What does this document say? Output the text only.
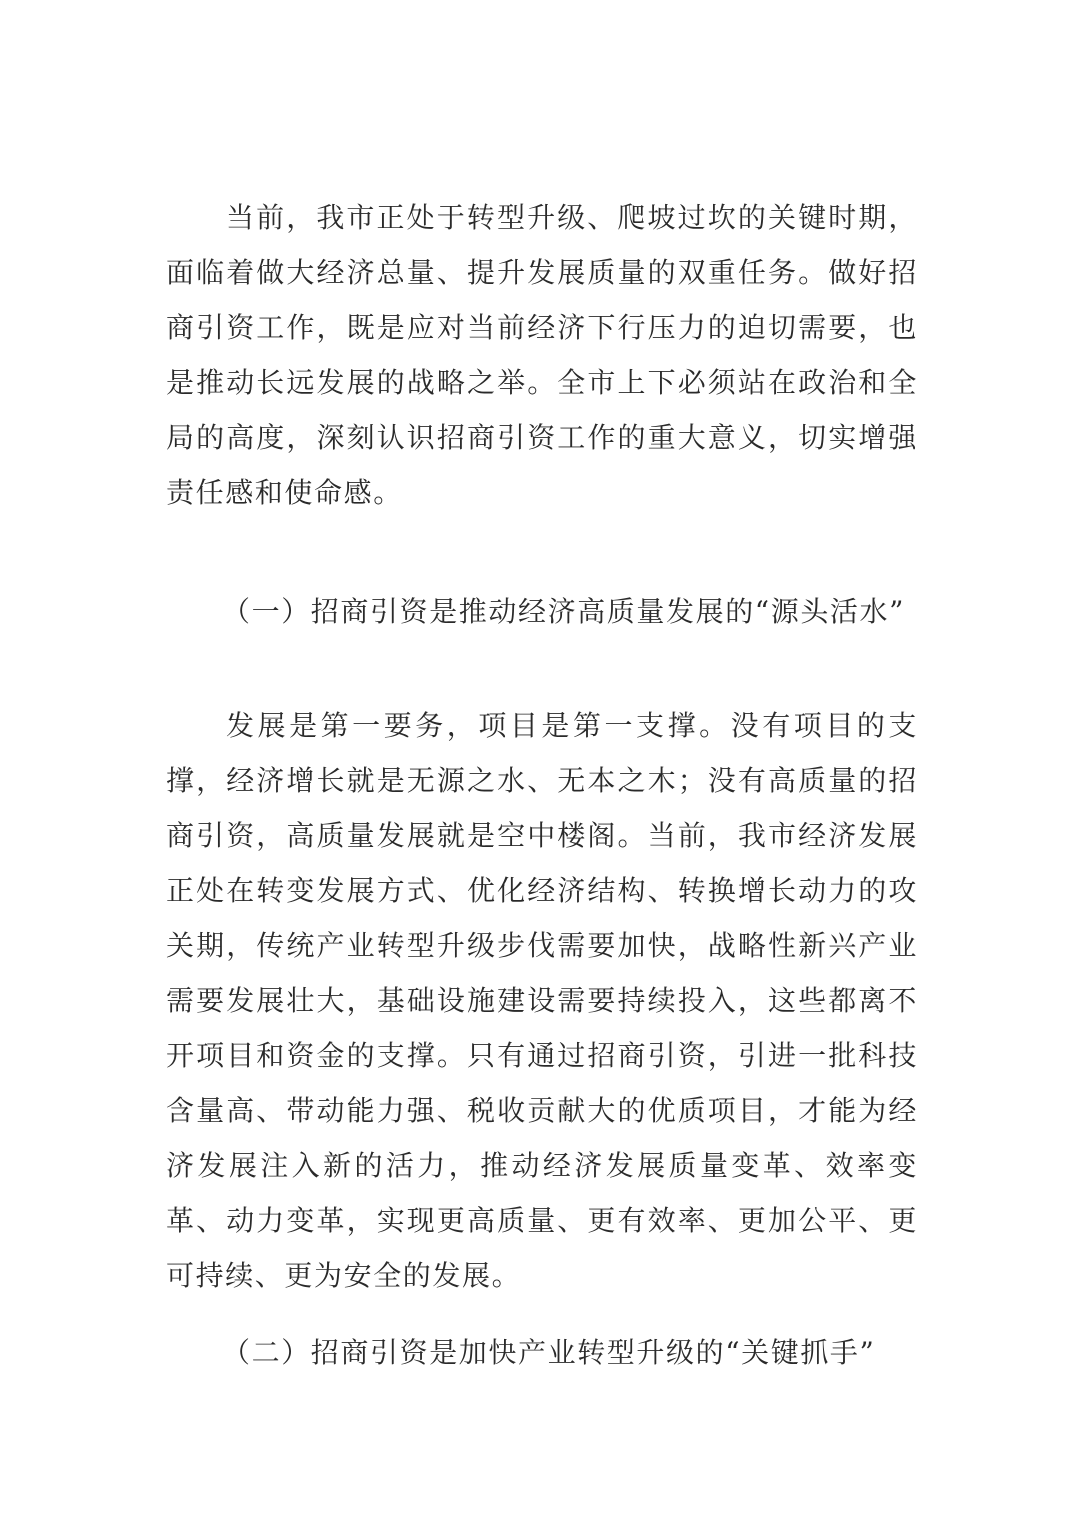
当前，我市正处于转型升级、爬坡过坎的关键时期，面临着做大经济总量、提升发展质量的双重任务。做好招商引资工作，既是应对当前经济下行压力的迫切需要，也是推动长远发展的战略之举。全市上下必须站在政治和全局的高度，深刻认识招商引资工作的重大意义，切实增强责任感和使命感。

（一）招商引资是推动经济高质量发展的“源头活水”

发展是第一要务，项目是第一支撑。没有项目的支撑，经济增长就是无源之水、无本之木；没有高质量的招商引资，高质量发展就是空中楼阁。当前，我市经济发展正处在转变发展方式、优化经济结构、转换增长动力的攻关期，传统产业转型升级步伐需要加快，战略性新兴产业需要发展壮大，基础设施建设需要持续投入，这些都离不开项目和资金的支撑。只有通过招商引资，引进一批科技含量高、带动能力强、税收贡献大的优质项目，才能为经济发展注入新的活力，推动经济发展质量变革、效率变革、动力变革，实现更高质量、更有效率、更加公平、更可持续、更为安全的发展。

（二）招商引资是加快产业转型升级的“关键抓手”
